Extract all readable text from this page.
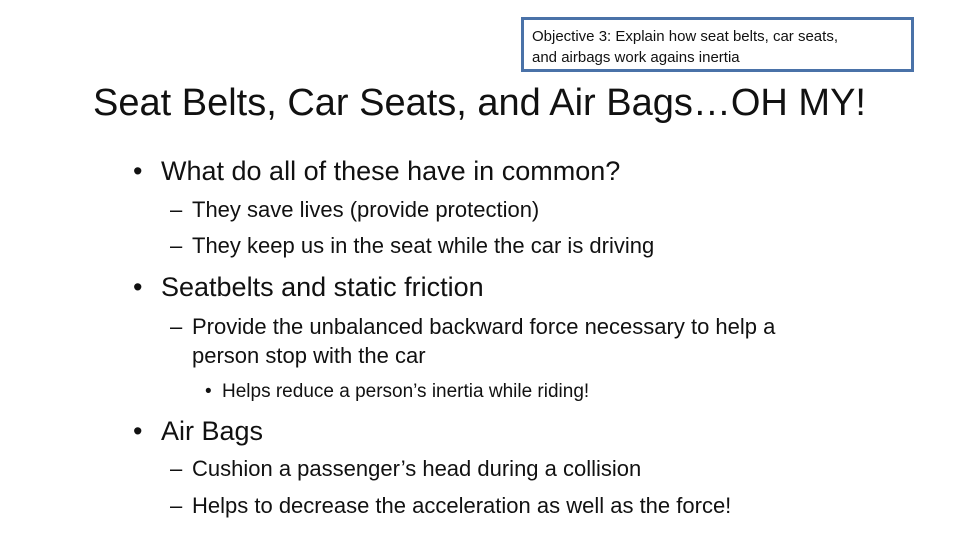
Objective 3: Explain how seat belts, car seats,
and airbags work agains inertia
Seat Belts, Car Seats, and Air Bags…OH MY!
• What do all of these have in common?
– They save lives (provide protection)
– They keep us in the seat while the car is driving
• Seatbelts and static friction
– Provide the unbalanced backward force necessary to help a
person stop with the car
• Helps reduce a person’s inertia while riding!
• Air Bags
– Cushion a passenger’s head during a collision
– Helps to decrease the acceleration as well as the force!
